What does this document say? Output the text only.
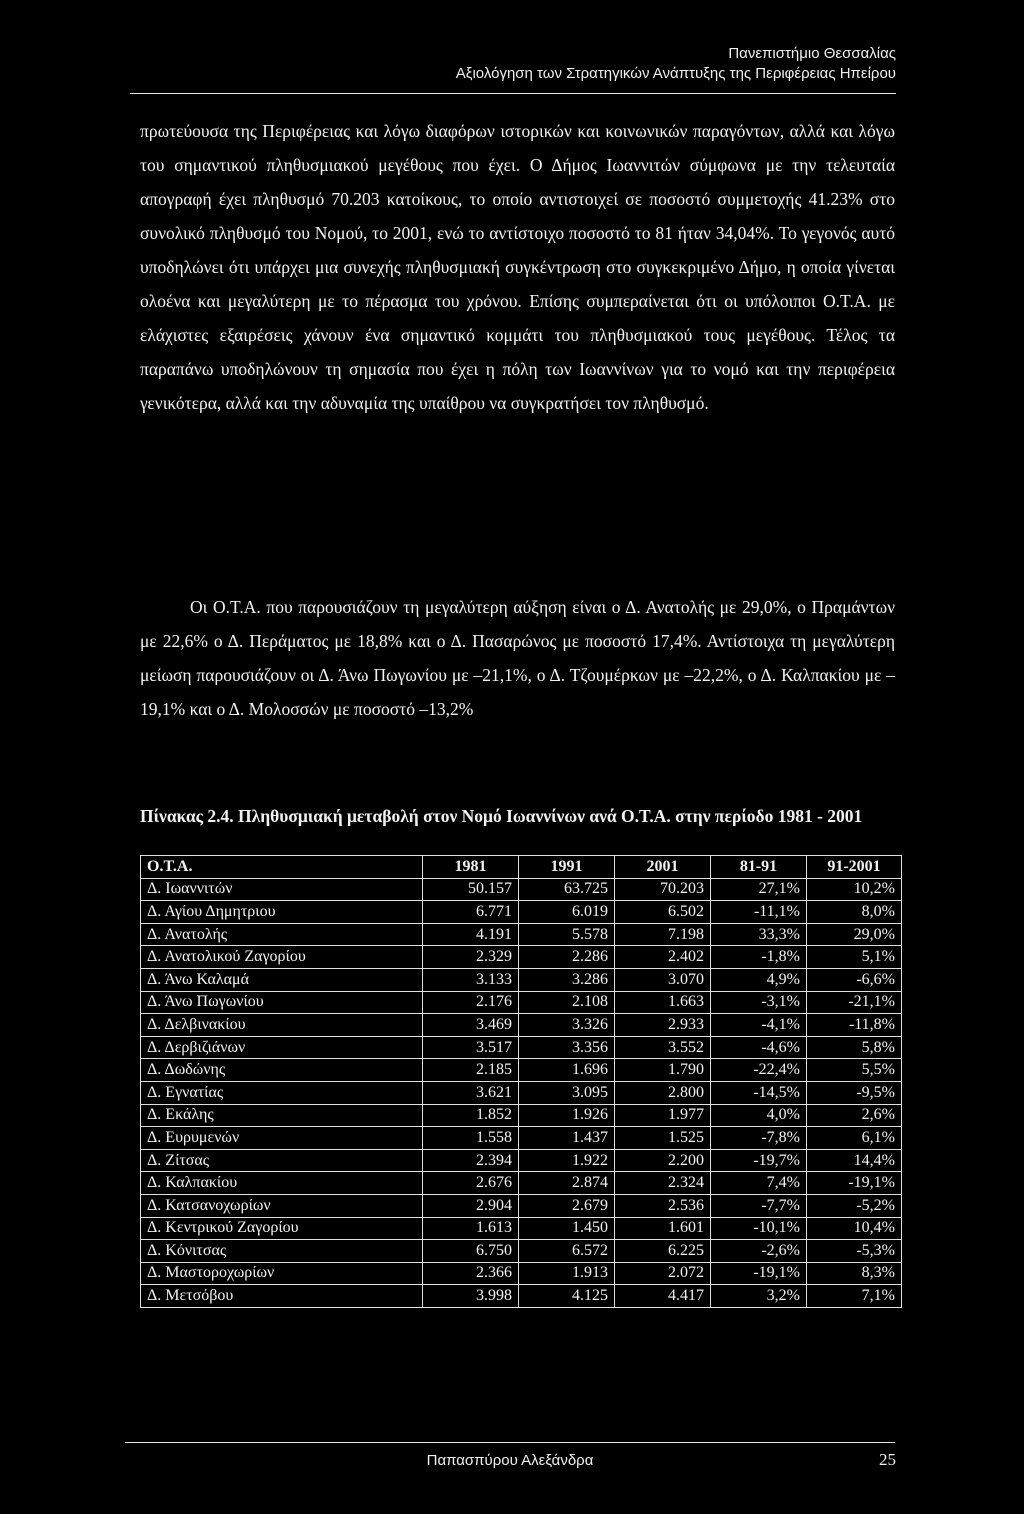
Πανεπιστήμιο Θεσσαλίας
Αξιολόγηση των Στρατηγικών Ανάπτυξης της Περιφέρειας Ηπείρου

πρωτεύουσα της Περιφέρειας και λόγω διαφόρων ιστορικών και κοινωνικών παραγόντων, αλλά και λόγω του σημαντικού πληθυσμιακού μεγέθους που έχει. Ο Δήμος Ιωαννιτών σύμφωνα με την τελευταία απογραφή έχει πληθυσμό 70.203 κατοίκους, το οποίο αντιστοιχεί σε ποσοστό συμμετοχής 41.23% στο συνολικό πληθυσμό του Νομού, το 2001, ενώ το αντίστοιχο ποσοστό το 81 ήταν 34,04%. Το γεγονός αυτό υποδηλώνει ότι υπάρχει μια συνεχής πληθυσμιακή συγκέντρωση στο συγκεκριμένο Δήμο, η οποία γίνεται ολοένα και μεγαλύτερη με το πέρασμα του χρόνου. Επίσης συμπεραίνεται ότι οι υπόλοιποι Ο.Τ.Α. με ελάχιστες εξαιρέσεις χάνουν ένα σημαντικό κομμάτι του πληθυσμιακού τους μεγέθους. Τέλος τα παραπάνω υποδηλώνουν τη σημασία που έχει η πόλη των Ιωαννίνων για το νομό και την περιφέρεια γενικότερα, αλλά και την αδυναμία της υπαίθρου να συγκρατήσει τον πληθυσμό.

Οι Ο.Τ.Α. που παρουσιάζουν τη μεγαλύτερη αύξηση είναι ο Δ. Ανατολής με 29,0%, ο Πραμάντων με 22,6% ο Δ. Περάματος με 18,8% και ο Δ. Πασαρώνος με ποσοστό 17,4%. Αντίστοιχα τη μεγαλύτερη μείωση παρουσιάζουν οι Δ. Άνω Πωγωνίου με –21,1%, ο Δ. Τζουμέρκων με –22,2%, ο Δ. Καλπακίου με –19,1% και ο Δ. Μολοσσών με ποσοστό –13,2%

Πίνακας 2.4. Πληθυσμιακή μεταβολή στον Νομό Ιωαννίνων ανά Ο.Τ.Α. στην περίοδο 1981 - 2001
Ο.Τ.Α.	1981	1991	2001	81-91	91-2001
Δ. Ιωαννιτών	50.157	63.725	70.203	27,1%	10,2%
Δ. Αγίου Δημητριου	6.771	6.019	6.502	-11,1%	8,0%
Δ. Ανατολής	4.191	5.578	7.198	33,3%	29,0%
Δ. Ανατολικού Ζαγορίου	2.329	2.286	2.402	-1,8%	5,1%
Δ. Άνω Καλαμά	3.133	3.286	3.070	4,9%	-6,6%
Δ. Άνω Πωγωνίου	2.176	2.108	1.663	-3,1%	-21,1%
Δ. Δελβινακίου	3.469	3.326	2.933	-4,1%	-11,8%
Δ. Δερβιζιάνων	3.517	3.356	3.552	-4,6%	5,8%
Δ. Δωδώνης	2.185	1.696	1.790	-22,4%	5,5%
Δ. Εγνατίας	3.621	3.095	2.800	-14,5%	-9,5%
Δ. Εκάλης	1.852	1.926	1.977	4,0%	2,6%
Δ. Ευρυμενών	1.558	1.437	1.525	-7,8%	6,1%
Δ. Ζίτσας	2.394	1.922	2.200	-19,7%	14,4%
Δ. Καλπακίου	2.676	2.874	2.324	7,4%	-19,1%
Δ. Κατσανοχωρίων	2.904	2.679	2.536	-7,7%	-5,2%
Δ. Κεντρικού Ζαγορίου	1.613	1.450	1.601	-10,1%	10,4%
Δ. Κόνιτσας	6.750	6.572	6.225	-2,6%	-5,3%
Δ. Μαστοροχωρίων	2.366	1.913	2.072	-19,1%	8,3%
Δ. Μετσόβου	3.998	4.125	4.417	3,2%	7,1%
Παπασπύρου Αλεξάνδρα	25
